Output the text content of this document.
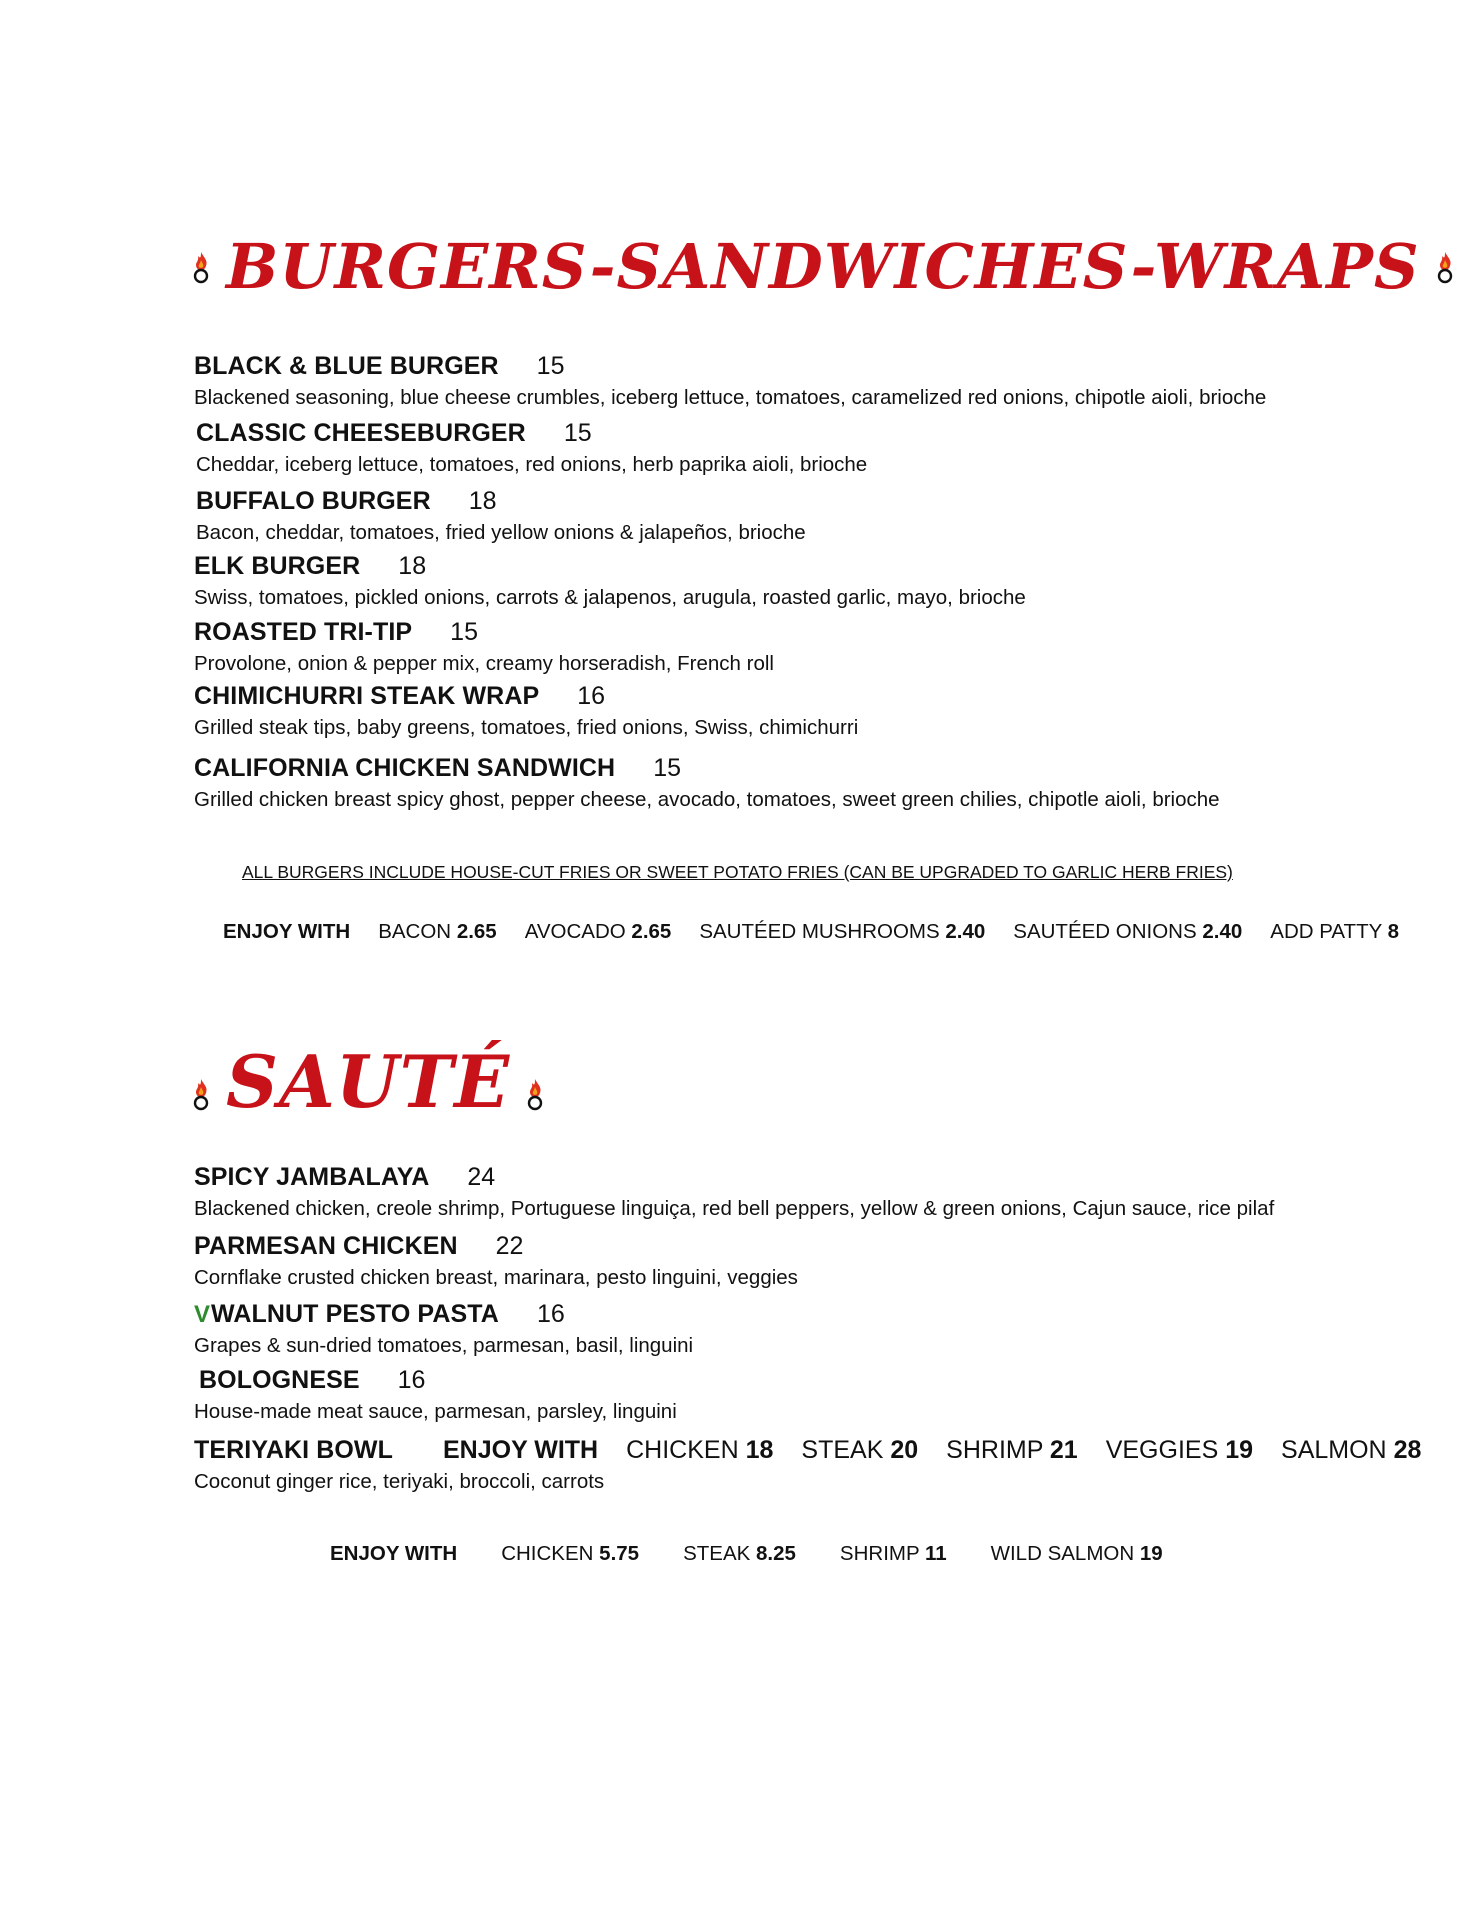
BURGERS-SANDWICHES-WRAPS
BLACK & BLUE BURGER 15
Blackened seasoning, blue cheese crumbles, iceberg lettuce, tomatoes, caramelized red onions, chipotle aioli, brioche
CLASSIC CHEESEBURGER 15
Cheddar, iceberg lettuce, tomatoes, red onions, herb paprika aioli, brioche
BUFFALO BURGER 18
Bacon, cheddar, tomatoes, fried yellow onions & jalapeños, brioche
ELK BURGER 18
Swiss, tomatoes, pickled onions, carrots & jalapenos, arugula, roasted garlic, mayo, brioche
ROASTED TRI-TIP 15
Provolone, onion & pepper mix, creamy horseradish, French roll
CHIMICHURRI STEAK WRAP 16
Grilled steak tips, baby greens, tomatoes, fried onions, Swiss, chimichurri
CALIFORNIA CHICKEN SANDWICH 15
Grilled chicken breast spicy ghost, pepper cheese, avocado, tomatoes, sweet green chilies, chipotle aioli, brioche
ALL BURGERS INCLUDE HOUSE-CUT FRIES OR SWEET POTATO FRIES (CAN BE UPGRADED TO GARLIC HERB FRIES)
ENJOY WITH BACON 2.65 AVOCADO 2.65 SAUTÉED MUSHROOMS 2.40 SAUTÉED ONIONS 2.40 ADD PATTY 8
SAUTÉ
SPICY JAMBALAYA 24
Blackened chicken, creole shrimp, Portuguese linguiça, red bell peppers, yellow & green onions, Cajun sauce, rice pilaf
PARMESAN CHICKEN 22
Cornflake crusted chicken breast, marinara, pesto linguini, veggies
V WALNUT PESTO PASTA 16
Grapes & sun-dried tomatoes, parmesan, basil, linguini
BOLOGNESE 16
House-made meat sauce, parmesan, parsley, linguini
TERIYAKI BOWL ENJOY WITH CHICKEN 18 STEAK 20 SHRIMP 21 VEGGIES 19 SALMON 28
Coconut ginger rice, teriyaki, broccoli, carrots
ENJOY WITH CHICKEN 5.75 STEAK 8.25 SHRIMP 11 WILD SALMON 19
